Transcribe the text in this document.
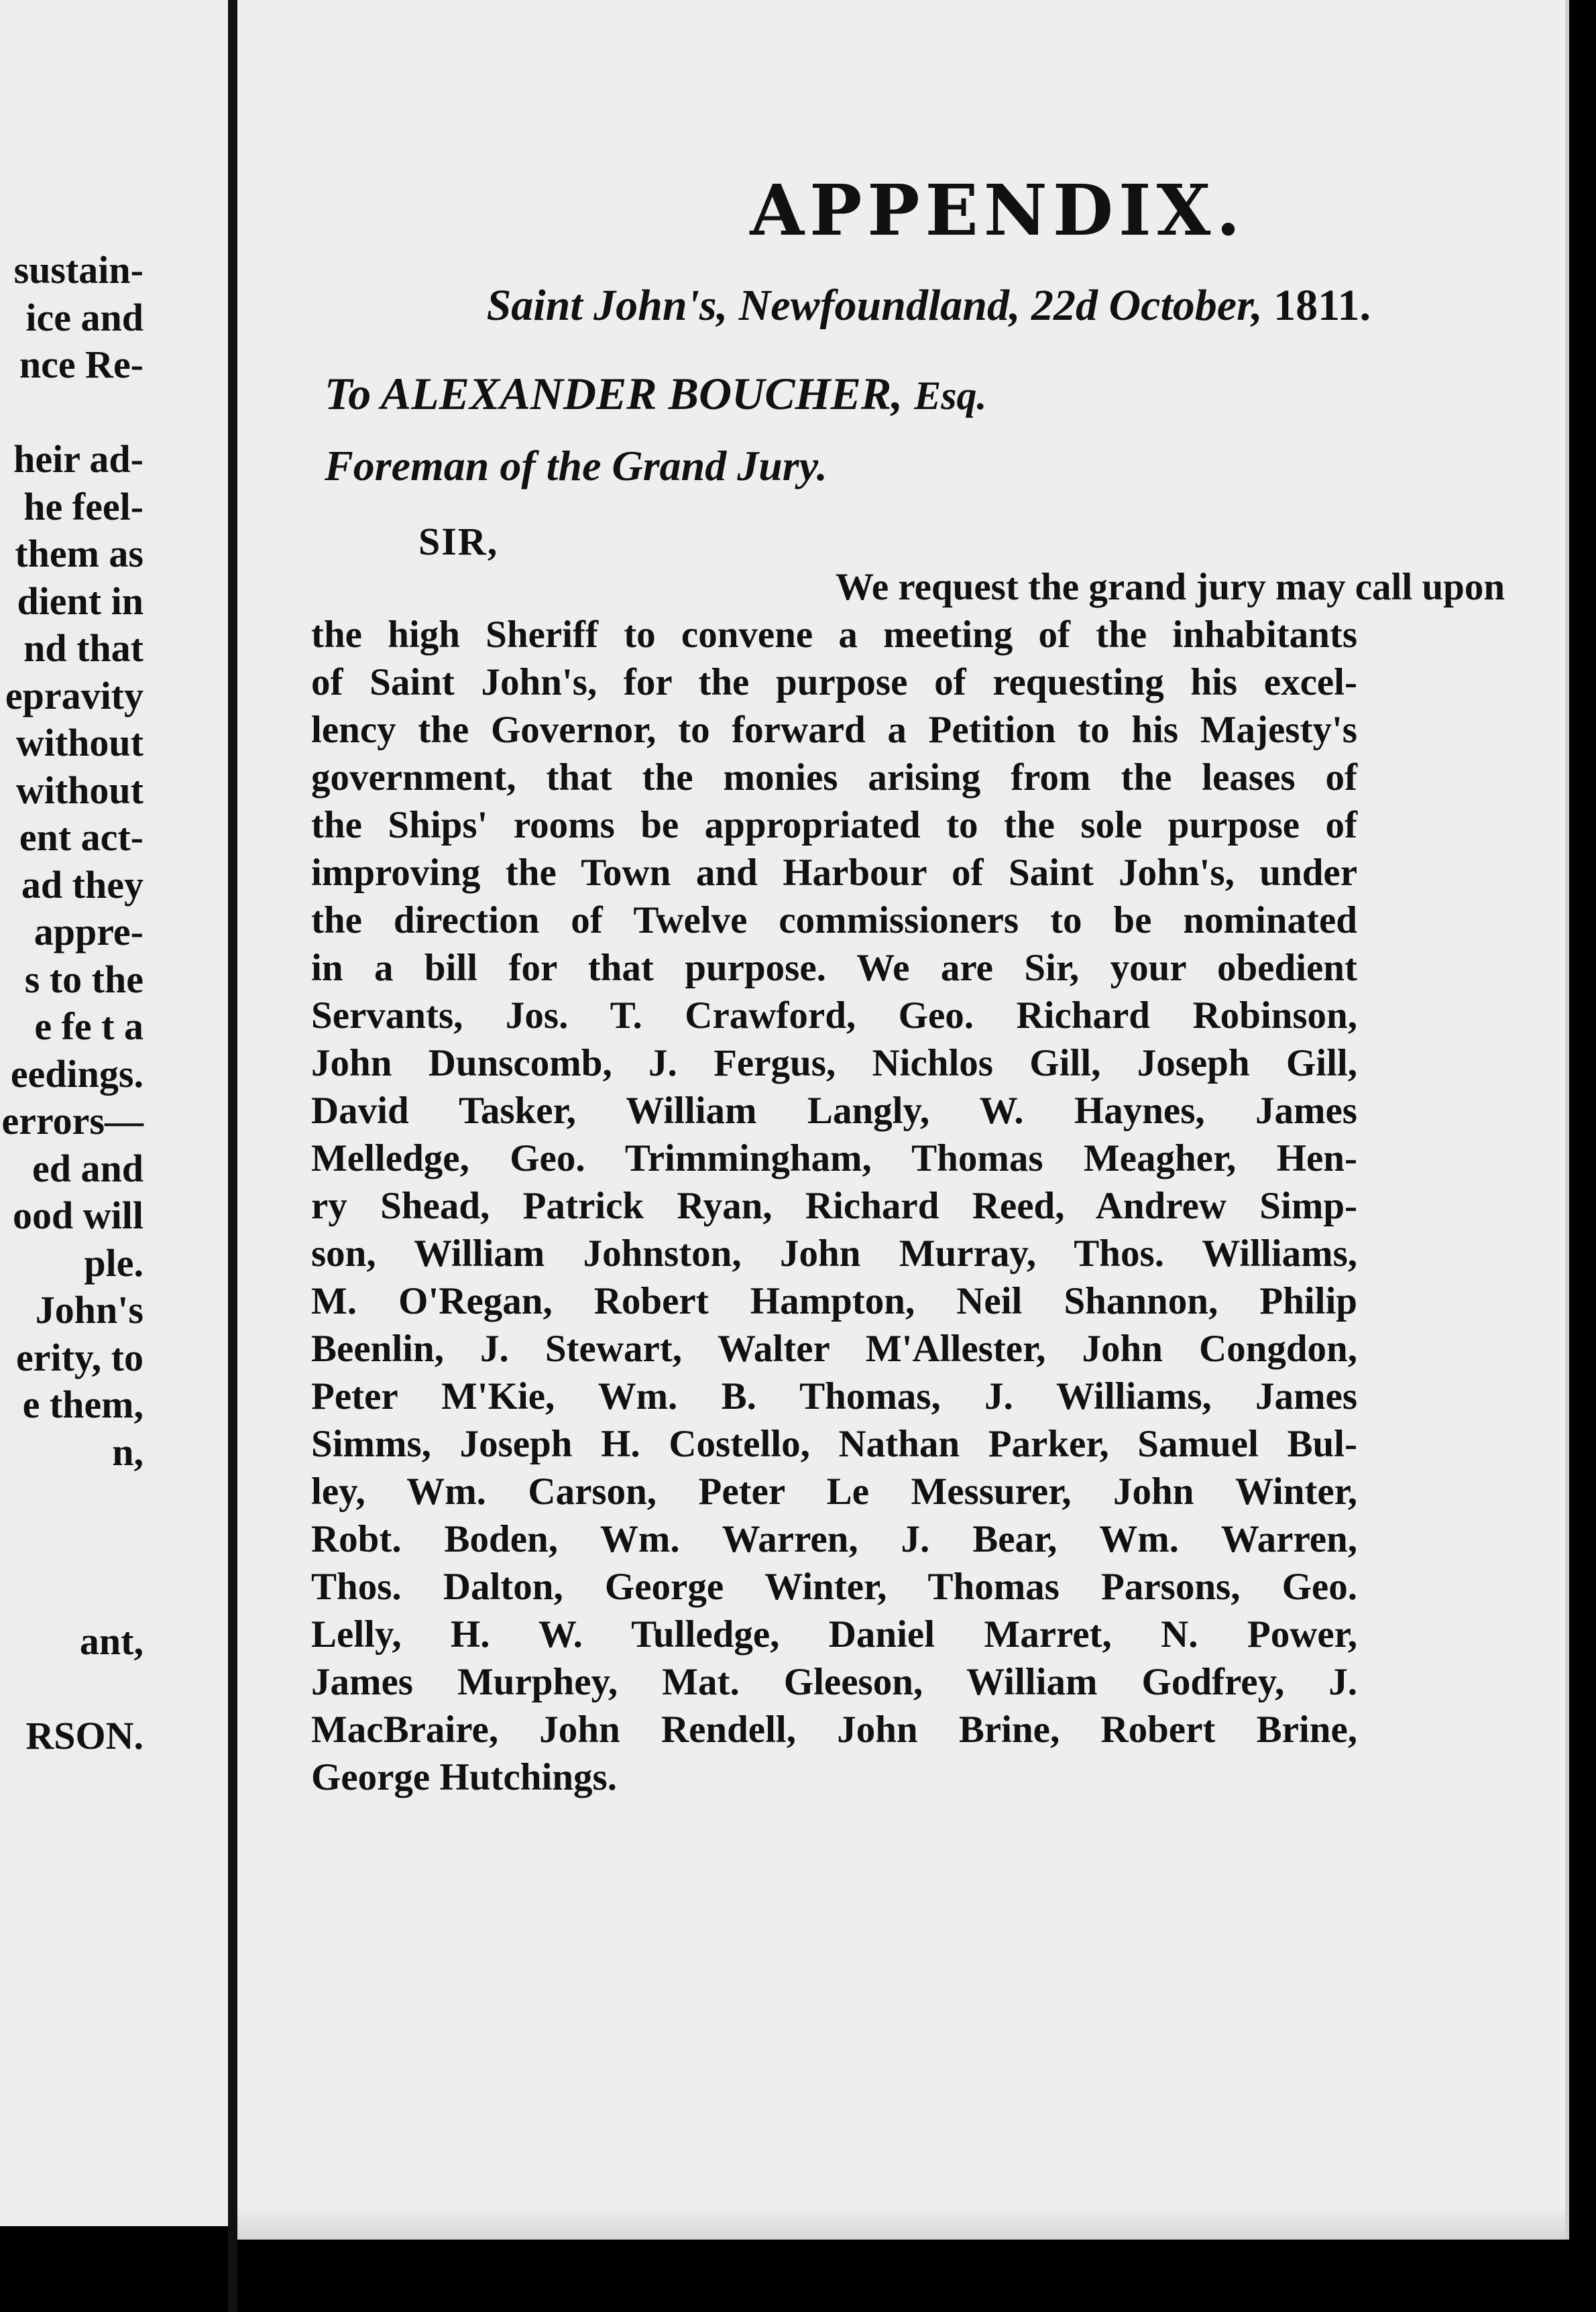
sustain-
ice and
nce Re-
heir ad-
he feel-
them as
dient in
nd that
epravity
without
without
ent act-
ad they
appre-
s to the
e fe t a
eedings.
errors—
ed and
ood will
ple.
John's
erity, to
e them,
n,
ant,
RSON.
APPENDIX.
Saint John's, Newfoundland, 22d October, 1811.
To ALEXANDER BOUCHER, Esq.
Foreman of the Grand Jury.
SIR,
We request the grand jury may call upon
the high Sheriff to convene a meeting of the inhabitants
of Saint John's, for the purpose of requesting his excel-
lency the Governor, to forward a Petition to his Majesty's
government, that the monies arising from the leases of
the Ships' rooms be appropriated to the sole purpose of
improving the Town and Harbour of Saint John's, under
the direction of Twelve commissioners to be nominated
in a bill for that purpose. We are Sir, your obedient
Servants, Jos. T. Crawford, Geo. Richard Robinson,
John Dunscomb, J. Fergus, Nichlos Gill, Joseph Gill,
David Tasker, William Langly, W. Haynes, James
Melledge, Geo. Trimmingham, Thomas Meagher, Hen-
ry Shead, Patrick Ryan, Richard Reed, Andrew Simp-
son, William Johnston, John Murray, Thos. Williams,
M. O'Regan, Robert Hampton, Neil Shannon, Philip
Beenlin, J. Stewart, Walter M'Allester, John Congdon,
Peter M'Kie, Wm. B. Thomas, J. Williams, James
Simms, Joseph H. Costello, Nathan Parker, Samuel Bul-
ley, Wm. Carson, Peter Le Messurer, John Winter,
Robt. Boden, Wm. Warren, J. Bear, Wm. Warren,
Thos. Dalton, George Winter, Thomas Parsons, Geo.
Lelly, H. W. Tulledge, Daniel Marret, N. Power,
James Murphey, Mat. Gleeson, William Godfrey, J.
MacBraire, John Rendell, John Brine, Robert Brine,
George Hutchings.
